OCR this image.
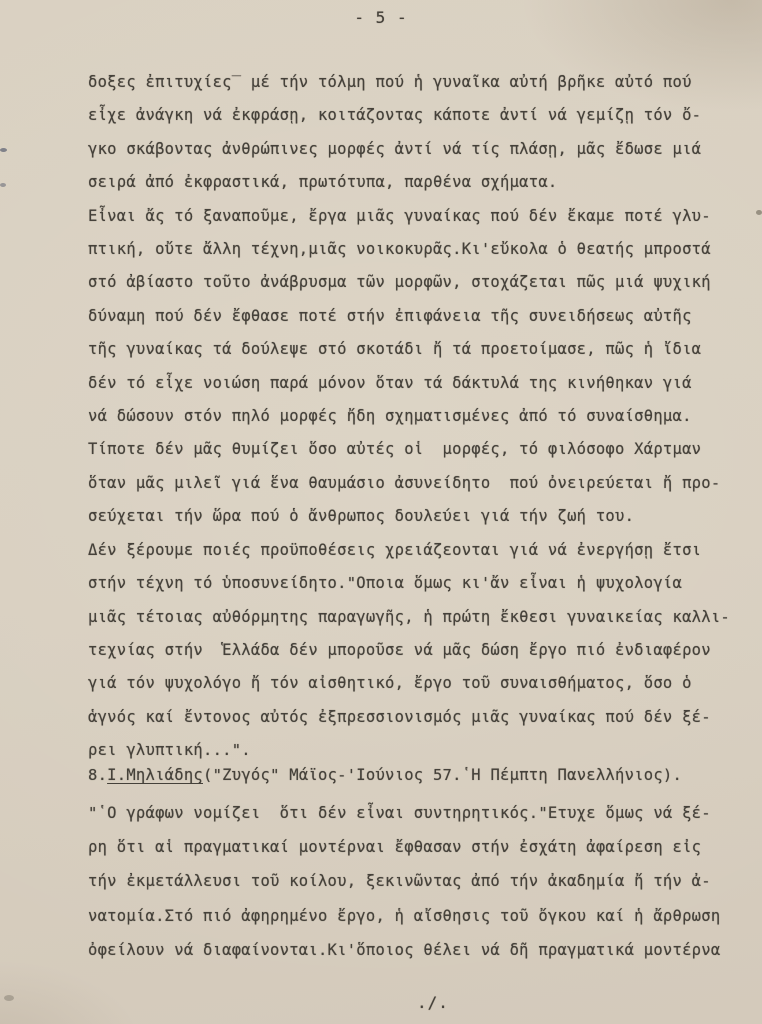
- 5 -
δοξες ἐπιτυχίες‾ μέ τήν τόλμη πού ἡ γυναῖκα αὐτή βρῆκε αὐτό πού
εἶχε ἀνάγκη νά ἐκφράσῃ, κοιτάζοντας κάποτε ἀντί νά γεμίζῃ τόν ὄ-
γκο σκάβοντας ἀνθρώπινες μορφές ἀντί νά τίς πλάσῃ, μᾶς ἔδωσε μιά
σειρά ἀπό ἐκφραστικά, πρωτότυπα, παρθένα σχήματα.
Εἶναι ἄς τό ξαναποῦμε, ἔργα μιᾶς γυναίκας πού δέν ἔκαμε ποτέ γλυ-
πτική, οὔτε ἄλλη τέχνη,μιᾶς νοικοκυρᾶς.Κι'εὔκολα ὁ θεατής μπροστά
στό ἀβίαστο τοῦτο ἀνάβρυσμα τῶν μορφῶν, στοχάζεται πῶς μιά ψυχική
δύναμη πού δέν ἔφθασε ποτέ στήν ἐπιφάνεια τῆς συνειδήσεως αὐτῆς
τῆς γυναίκας τά δούλεψε στό σκοτάδι ἤ τά προετοίμασε, πῶς ἡ ἴδια
δέν τό εἶχε νοιώση παρά μόνον ὅταν τά δάκτυλά της κινήθηκαν γιά
νά δώσουν στόν πηλό μορφές ἤδη σχηματισμένες ἀπό τό συναίσθημα.
Τίποτε δέν μᾶς θυμίζει ὅσο αὐτές οἱ  μορφές, τό φιλόσοφο Χάρτμαν
ὅταν μᾶς μιλεῖ γιά ἕνα θαυμάσιο ἀσυνείδητο  πού ὀνειρεύεται ἤ προ-
σεύχεται τήν ὥρα πού ὁ ἄνθρωπος δουλεύει γιά τήν ζωή του.
Δέν ξέρουμε ποιές προϋποθέσεις χρειάζεονται γιά νά ἐνεργήσῃ ἔτσι
στήν τέχνη τό ὑποσυνείδητο."Οποια ὅμως κι'ἄν εἶναι ἡ ψυχολογία
μιᾶς τέτοιας αὐθόρμητης παραγωγῆς, ἡ πρώτη ἔκθεσι γυναικείας καλλι-
τεχνίας στήν  Ἑλλάδα δέν μποροῦσε νά μᾶς δώση ἔργο πιό ἐνδιαφέρον
γιά τόν ψυχολόγο ἤ τόν αἰσθητικό, ἔργο τοῦ συναισθήματος, ὅσο ὁ
ἁγνός καί ἔντονος αὐτός ἐξπρεσσιονισμός μιᾶς γυναίκας πού δέν ξέ-
ρει γλυπτική...".
8.Ι.Μηλιάδης("Ζυγός" Μάϊος-'Ιούνιος 57.῾Η Πέμπτη Πανελλήνιος).
"῾Ο γράφων νομίζει  ὅτι δέν εἶναι συντηρητικός."Ετυχε ὅμως νά ξέ-
ρη ὅτι αἱ πραγματικαί μοντέρναι ἔφθασαν στήν ἐσχάτη ἀφαίρεση εἰς
τήν ἐκμετάλλευσι τοῦ κοίλου, ξεκινῶντας ἀπό τήν ἀκαδημία ἤ τήν ἀ-
νατομία.Στό πιό ἀφηρημένο ἔργο, ἡ αἴσθησις τοῦ ὄγκου καί ἡ ἄρθρωση
ὀφείλουν νά διαφαίνονται.Κι'ὅποιος θέλει νά δῆ πραγματικά μοντέρνα
./.
